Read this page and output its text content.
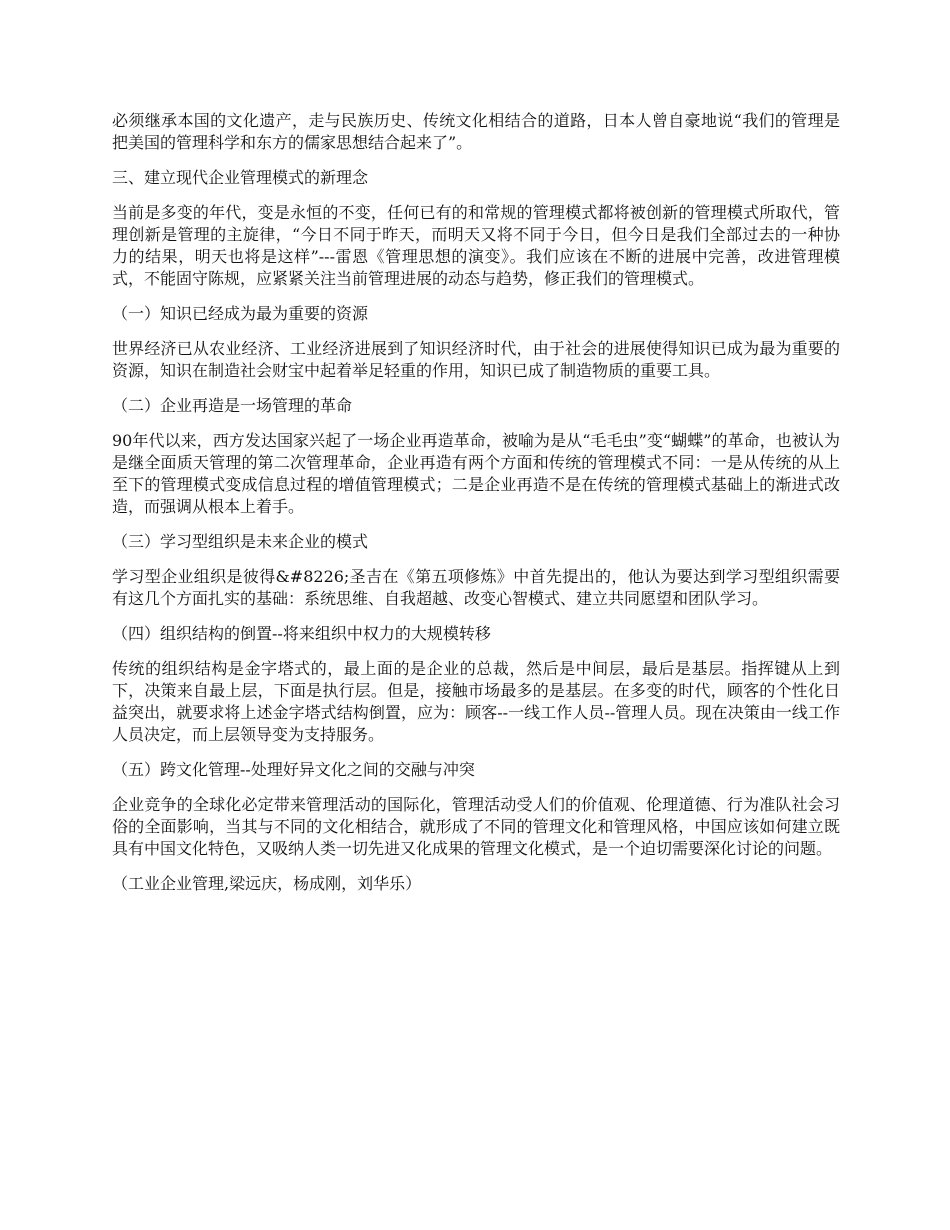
必须继承本国的文化遗产，走与民族历史、传统文化相结合的道路，日本人曾自豪地说“我们的管理是把美国的管理科学和东方的儒家思想结合起来了”。

三、建立现代企业管理模式的新理念

当前是多变的年代，变是永恒的不变，任何已有的和常规的管理模式都将被创新的管理模式所取代，管理创新是管理的主旋律，“今日不同于昨天，而明天又将不同于今日，但今日是我们全部过去的一种协力的结果，明天也将是这样”---雷恩《管理思想的演变》。我们应该在不断的进展中完善，改进管理模式，不能固守陈规，应紧紧关注当前管理进展的动态与趋势，修正我们的管理模式。

（一）知识已经成为最为重要的资源

世界经济已从农业经济、工业经济进展到了知识经济时代，由于社会的进展使得知识已成为最为重要的资源，知识在制造社会财宝中起着举足轻重的作用，知识已成了制造物质的重要工具。

（二）企业再造是一场管理的革命

90年代以来，西方发达国家兴起了一场企业再造革命，被喻为是从“毛毛虫”变“蝴蝶”的革命，也被认为是继全面质天管理的第二次管理革命，企业再造有两个方面和传统的管理模式不同：一是从传统的从上至下的管理模式变成信息过程的增值管理模式；二是企业再造不是在传统的管理模式基础上的渐进式改造，而强调从根本上着手。

（三）学习型组织是未来企业的模式

学习型企业组织是彼得&#8226;圣吉在《第五项修炼》中首先提出的，他认为要达到学习型组织需要有这几个方面扎实的基础：系统思维、自我超越、改变心智模式、建立共同愿望和团队学习。

（四）组织结构的倒置--将来组织中权力的大规模转移

传统的组织结构是金字塔式的，最上面的是企业的总裁，然后是中间层，最后是基层。指挥键从上到下，决策来自最上层，下面是执行层。但是，接触市场最多的是基层。在多变的时代，顾客的个性化日益突出，就要求将上述金字塔式结构倒置，应为：顾客--一线工作人员--管理人员。现在决策由一线工作人员决定，而上层领导变为支持服务。

（五）跨文化管理--处理好异文化之间的交融与冲突

企业竞争的全球化必定带来管理活动的国际化，管理活动受人们的价值观、伦理道德、行为准队社会习俗的全面影响，当其与不同的文化相结合，就形成了不同的管理文化和管理风格，中国应该如何建立既具有中国文化特色，又吸纳人类一切先进又化成果的管理文化模式，是一个迫切需要深化讨论的问题。

（工业企业管理,梁远庆，杨成刚，刘华乐）
